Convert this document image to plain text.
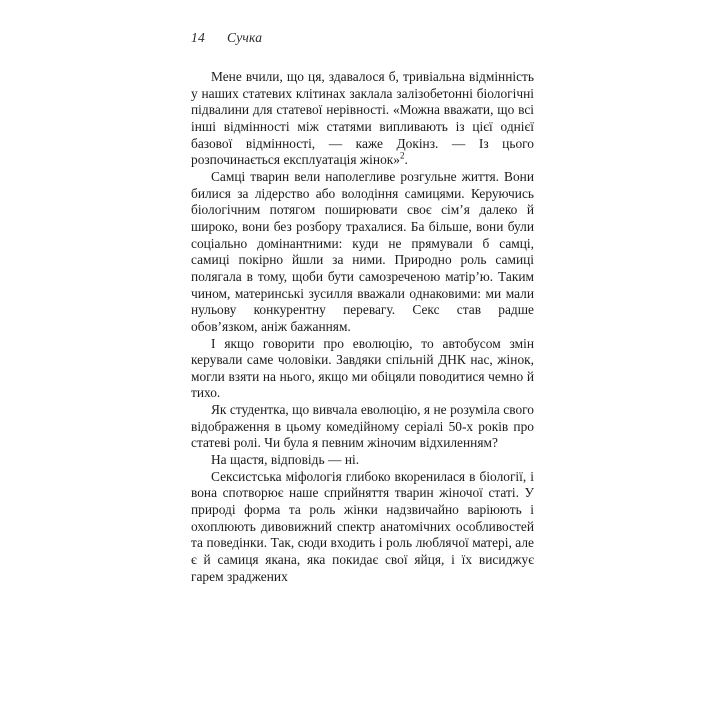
14 Сучка

Мене вчили, що ця, здавалося б, тривіальна відмінність у наших статевих клітинах заклала залізобетонні біологічні підвалини для статевої нерівності. «Можна вважати, що всі інші відмінності між статями випливають із цієї однієї базової відмінності, — каже Докінз. — Із цього розпочинається експлуатація жінок»$^2$.

Самці тварин вели наполегливе розгульне життя. Вони билися за лідерство або володіння самицями. Керуючись біологічним потягом поширювати своє сім’я далеко й широко, вони без розбору трахалися. Ба більше, вони були соціально домінантними: куди не прямували б самці, самиці покірно йшли за ними. Природно роль самиці полягала в тому, щоби бути самозреченою матір’ю. Таким чином, материнські зусилля вважали однаковими: ми мали нульову конкурентну перевагу. Секс став радше обов’язком, аніж бажанням.

І якщо говорити про еволюцію, то автобусом змін керували саме чоловіки. Завдяки спільній ДНК нас, жінок, могли взяти на нього, якщо ми обіцяли поводитися чемно й тихо.

Як студентка, що вивчала еволюцію, я не розуміла свого відображення в цьому комедійному серіалі 50-х років про статеві ролі. Чи була я певним жіночим відхиленням?

На щастя, відповідь — ні.

Сексистська міфологія глибоко вкоренилася в біології, і вона спотворює наше сприйняття тварин жіночої статі. У природі форма та роль жінки надзвичайно варіюють і охоплюють дивовижний спектр анатомічних особливостей та поведінки. Так, сюди входить і роль люблячої матері, але є й самиця якана, яка покидає свої яйця, і їх висиджує гарем зраджених
